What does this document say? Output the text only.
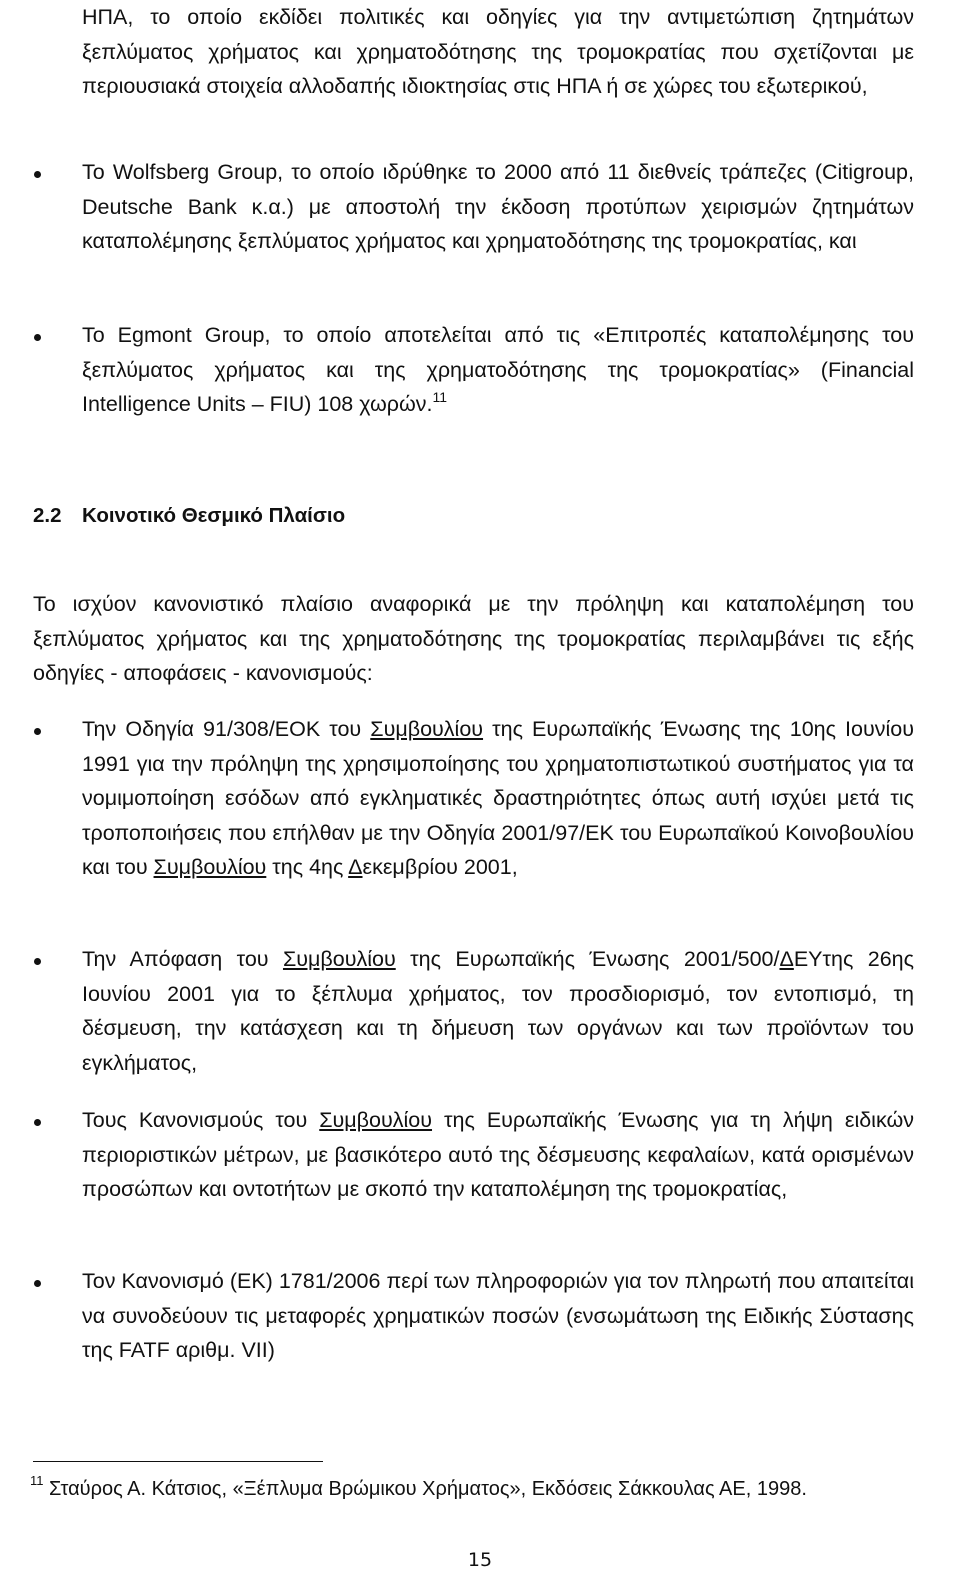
ΗΠΑ, το οποίο εκδίδει πολιτικές και οδηγίες για την αντιμετώπιση ζητημάτων ξεπλύματος χρήματος και χρηματοδότησης της τρομοκρατίας που σχετίζονται με περιουσιακά στοιχεία αλλοδαπής ιδιοκτησίας στις ΗΠΑ ή σε χώρες του εξωτερικού,

Το Wolfsberg Group, το οποίο ιδρύθηκε το 2000 από 11 διεθνείς τράπεζες (Citigroup, Deutsche Bank κ.α.) με αποστολή την έκδοση προτύπων χειρισμών ζητημάτων καταπολέμησης ξεπλύματος χρήματος και χρηματοδότησης της τρομοκρατίας, και

Το Egmont Group, το οποίο αποτελείται από τις «Επιτροπές καταπολέμησης του ξεπλύματος χρήματος και της χρηματοδότησης της τρομοκρατίας» (Financial Intelligence Units – FIU) 108 χωρών.$^{11}$

2.2 Κοινοτικό Θεσμικό Πλαίσιο

Το ισχύον κανονιστικό πλαίσιο αναφορικά με την πρόληψη και καταπολέμηση του ξεπλύματος χρήματος και της χρηματοδότησης της τρομοκρατίας περιλαμβάνει τις εξής οδηγίες - αποφάσεις - κανονισμούς:

Την Οδηγία 91/308/ΕΟΚ του Συμβουλίου της Ευρωπαϊκής Ένωσης της 10ης Ιουνίου 1991 για την πρόληψη της χρησιμοποίησης του χρηματοπιστωτικού συστήματος για τα νομιμοποίηση εσόδων από εγκληματικές δραστηριότητες όπως αυτή ισχύει μετά τις τροποποιήσεις που επήλθαν με την Οδηγία 2001/97/ΕΚ του Ευρωπαϊκού Κοινοβουλίου και του Συμβουλίου της 4ης Δεκεμβρίου 2001,

Την Απόφαση του Συμβουλίου της Ευρωπαϊκής Ένωσης 2001/500/ΔΕΥτης 26ης Ιουνίου 2001 για το ξέπλυμα χρήματος, τον προσδιορισμό, τον εντοπισμό, τη δέσμευση, την κατάσχεση και τη δήμευση των οργάνων και των προϊόντων του εγκλήματος,

Τους Κανονισμούς του Συμβουλίου της Ευρωπαϊκής Ένωσης για τη λήψη ειδικών περιοριστικών μέτρων, με βασικότερο αυτό της δέσμευσης κεφαλαίων, κατά ορισμένων προσώπων και οντοτήτων με σκοπό την καταπολέμηση της τρομοκρατίας,

Τον Κανονισμό (ΕΚ) 1781/2006 περί των πληροφοριών για τον πληρωτή που απαιτείται να συνοδεύουν τις μεταφορές χρηματικών ποσών (ενσωμάτωση της Ειδικής Σύστασης της FATF αριθμ. VII)

$^{11}$ Σταύρος Α. Κάτσιος, «Ξέπλυμα Βρώμικου Χρήματος», Εκδόσεις Σάκκουλας ΑΕ, 1998.
15
